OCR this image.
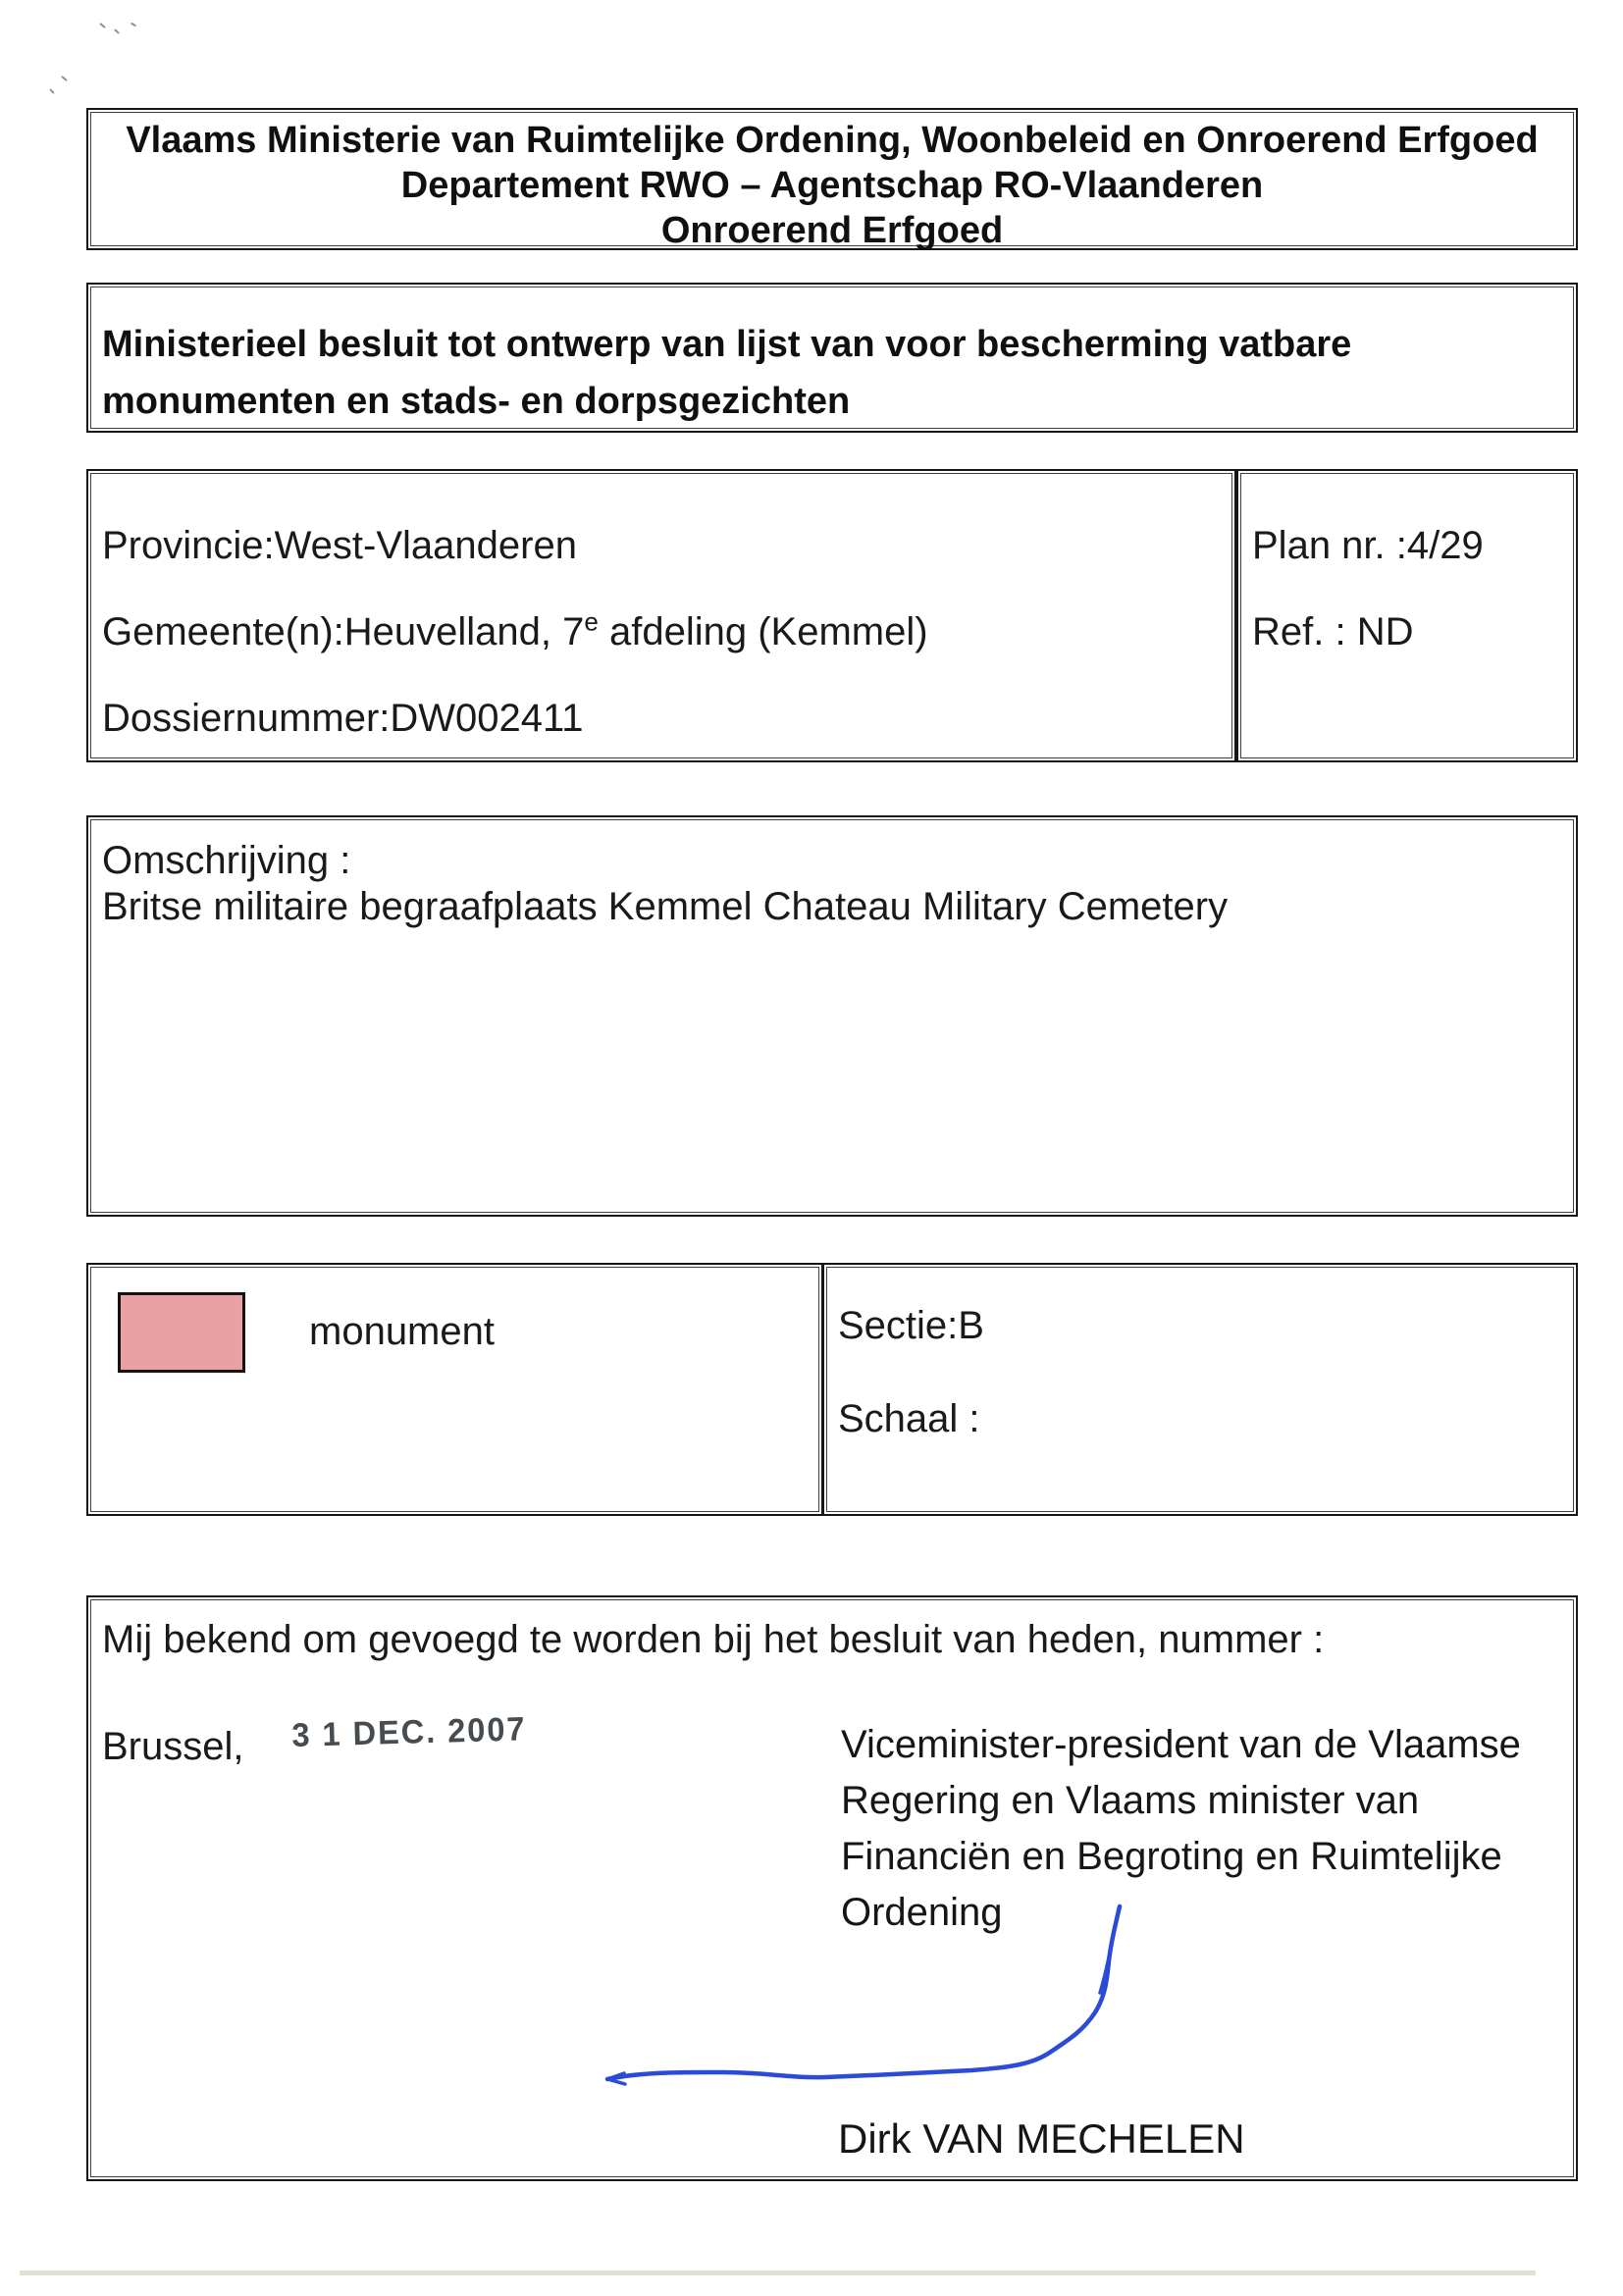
Vlaams Ministerie van Ruimtelijke Ordening, Woonbeleid en Onroerend Erfgoed
Departement RWO – Agentschap RO-Vlaanderen
Onroerend Erfgoed
Ministerieel besluit tot ontwerp van lijst van voor bescherming vatbare
monumenten en stads- en dorpsgezichten
Provincie:West-Vlaanderen
Gemeente(n):Heuvelland, 7e afdeling (Kemmel)
Dossiernummer:DW002411
Plan nr. :4/29
Ref. : ND
Omschrijving :
Britse militaire begraafplaats Kemmel Chateau Military Cemetery
monument	Sectie:B
Schaal :
Mij bekend om gevoegd te worden bij het besluit van heden, nummer :
Brussel, 3 1 DEC. 2007	Viceminister-president van de Vlaamse
Regering en Vlaams minister van
Financiën en Begroting en Ruimtelijke
Ordening
Dirk VAN MECHELEN
